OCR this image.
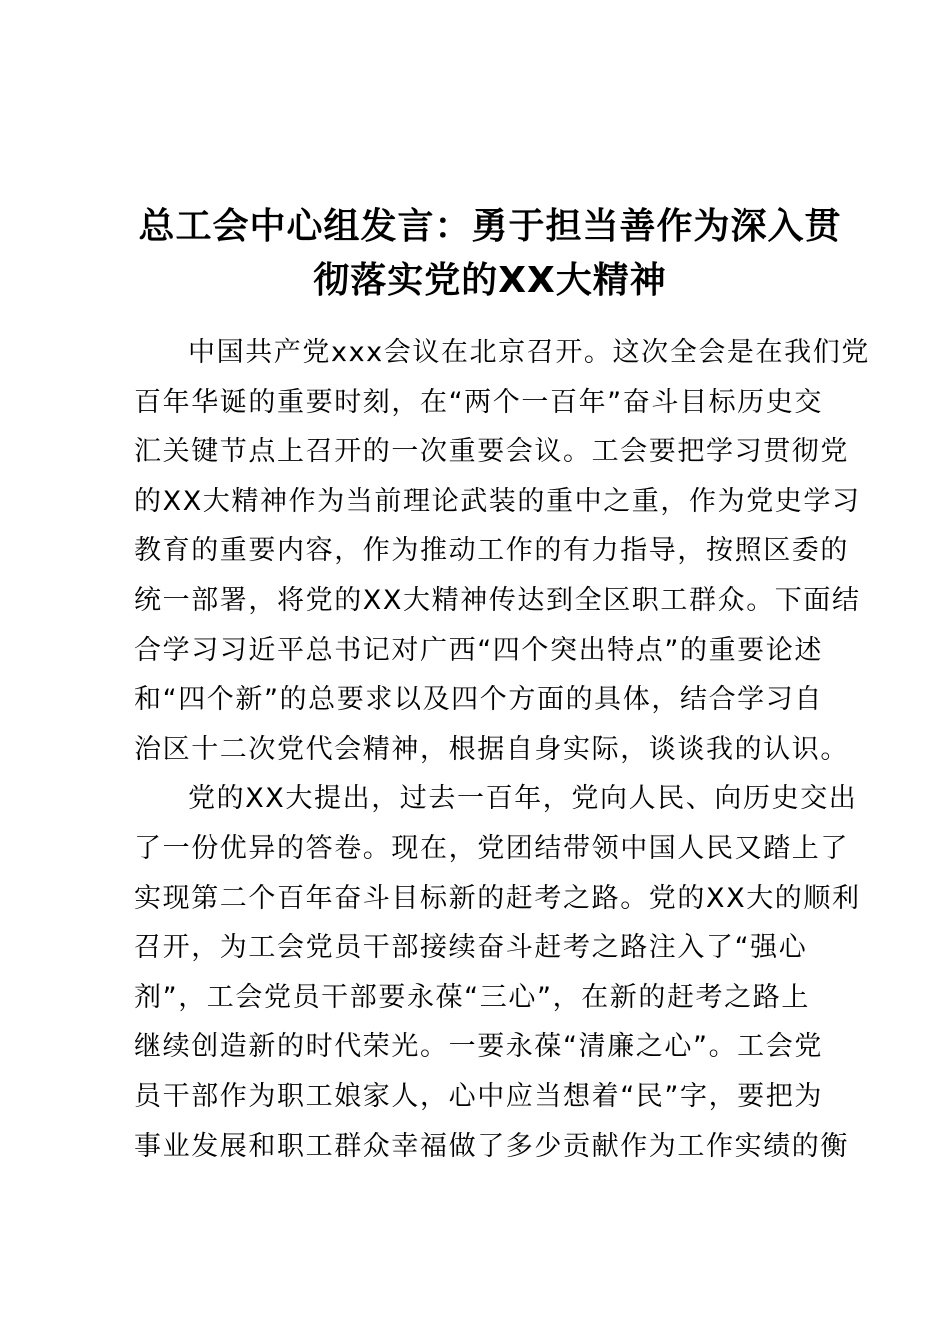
总工会中心组发言：勇于担当善作为深入贯
彻落实党的XX大精神
中国共产党xxx会议在北京召开。这次全会是在我们党
百年华诞的重要时刻，在“两个一百年”奋斗目标历史交
汇关键节点上召开的一次重要会议。工会要把学习贯彻党
的XX大精神作为当前理论武装的重中之重，作为党史学习
教育的重要内容，作为推动工作的有力指导，按照区委的
统一部署，将党的XX大精神传达到全区职工群众。下面结
合学习习近平总书记对广西“四个突出特点”的重要论述
和“四个新”的总要求以及四个方面的具体，结合学习自
治区十二次党代会精神，根据自身实际，谈谈我的认识。
党的XX大提出，过去一百年，党向人民、向历史交出
了一份优异的答卷。现在，党团结带领中国人民又踏上了
实现第二个百年奋斗目标新的赶考之路。党的XX大的顺利
召开，为工会党员干部接续奋斗赶考之路注入了“强心
剂”，工会党员干部要永葆“三心”，在新的赶考之路上
继续创造新的时代荣光。一要永葆“清廉之心”。工会党
员干部作为职工娘家人，心中应当想着“民”字，要把为
事业发展和职工群众幸福做了多少贡献作为工作实绩的衡
